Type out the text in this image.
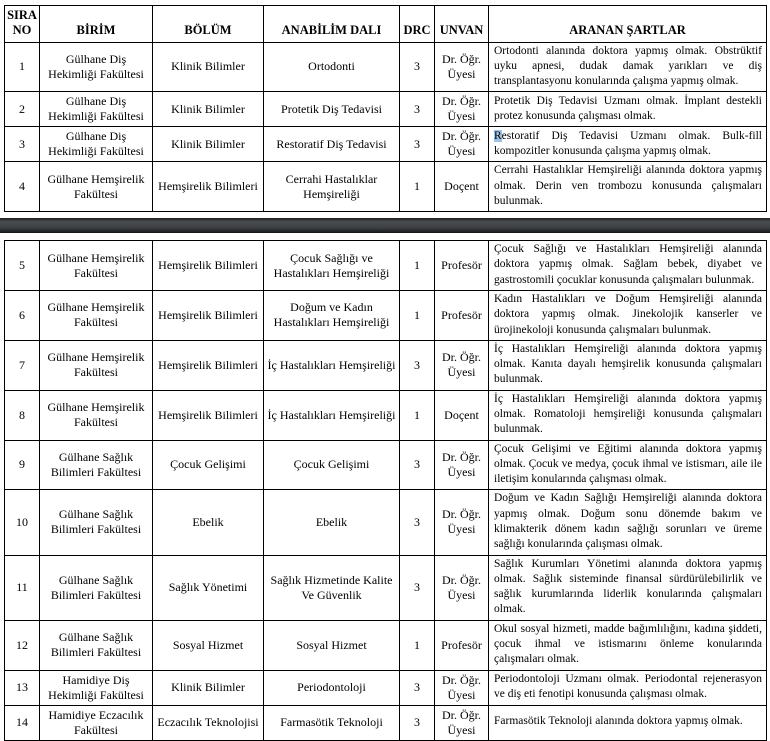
SIRA NO	BİRİM	BÖLÜM	ANABİLİM DALI	DRC	UNVAN	ARANAN ŞARTLAR
1	Gülhane Diş Hekimliği Fakültesi	Klinik Bilimler	Ortodonti	3	Dr. Öğr. Üyesi	Ortodonti alanında doktora yapmış olmak. Obstrüktif uyku apnesi, dudak damak yarıkları ve diş transplantasyonu konularında çalışma yapmış olmak.
2	Gülhane Diş Hekimliği Fakültesi	Klinik Bilimler	Protetik Diş Tedavisi	3	Dr. Öğr. Üyesi	Protetik Diş Tedavisi Uzmanı olmak. İmplant destekli protez konusunda çalışması olmak.
3	Gülhane Diş Hekimliği Fakültesi	Klinik Bilimler	Restoratif Diş Tedavisi	3	Dr. Öğr. Üyesi	Restoratif Diş Tedavisi Uzmanı olmak. Bulk-fill kompozitler konusunda çalışma yapmış olmak.
4	Gülhane Hemşirelik Fakültesi	Hemşirelik Bilimleri	Cerrahi Hastalıklar Hemşireliği	1	Doçent	Cerrahi Hastalıklar Hemşireliği alanında doktora yapmış olmak. Derin ven trombozu konusunda çalışmaları bulunmak.
5	Gülhane Hemşirelik Fakültesi	Hemşirelik Bilimleri	Çocuk Sağlığı ve Hastalıkları Hemşireliği	1	Profesör	Çocuk Sağlığı ve Hastalıkları Hemşireliği alanında doktora yapmış olmak. Sağlam bebek, diyabet ve gastrostomili çocuklar konusunda çalışmaları bulunmak.
6	Gülhane Hemşirelik Fakültesi	Hemşirelik Bilimleri	Doğum ve Kadın Hastalıkları Hemşireliği	1	Profesör	Kadın Hastalıkları ve Doğum Hemşireliği alanında doktora yapmış olmak. Jinekolojik kanserler ve ürojinekoloji konusunda çalışmaları bulunmak.
7	Gülhane Hemşirelik Fakültesi	Hemşirelik Bilimleri	İç Hastalıkları Hemşireliği	3	Dr. Öğr. Üyesi	İç Hastalıkları Hemşireliği alanında doktora yapmış olmak. Kanıta dayalı hemşirelik konusunda çalışmaları bulunmak.
8	Gülhane Hemşirelik Fakültesi	Hemşirelik Bilimleri	İç Hastalıkları Hemşireliği	1	Doçent	İç Hastalıkları Hemşireliği alanında doktora yapmış olmak. Romatoloji hemşireliği konusunda çalışmaları bulunmak.
9	Gülhane Sağlık Bilimleri Fakültesi	Çocuk Gelişimi	Çocuk Gelişimi	3	Dr. Öğr. Üyesi	Çocuk Gelişimi ve Eğitimi alanında doktora yapmış olmak. Çocuk ve medya, çocuk ihmal ve istismarı, aile ile iletişim konularında çalışması olmak.
10	Gülhane Sağlık Bilimleri Fakültesi	Ebelik	Ebelik	3	Dr. Öğr. Üyesi	Doğum ve Kadın Sağlığı Hemşireliği alanında doktora yapmış olmak. Doğum sonu dönemde bakım ve klimakterik dönem kadın sağlığı sorunları ve üreme sağlığı konularında çalışması olmak.
11	Gülhane Sağlık Bilimleri Fakültesi	Sağlık Yönetimi	Sağlık Hizmetinde Kalite Ve Güvenlik	3	Dr. Öğr. Üyesi	Sağlık Kurumları Yönetimi alanında doktora yapmış olmak. Sağlık sisteminde finansal sürdürülebilirlik ve sağlık kurumlarında liderlik konularında çalışmaları olmak.
12	Gülhane Sağlık Bilimleri Fakültesi	Sosyal Hizmet	Sosyal Hizmet	1	Profesör	Okul sosyal hizmeti, madde bağımlılığını, kadına şiddeti, çocuk ihmal ve istismarını önleme konularında çalışmaları olmak.
13	Hamidiye Diş Hekimliği Fakültesi	Klinik Bilimler	Periodontoloji	3	Dr. Öğr. Üyesi	Periodontoloji Uzmanı olmak. Periodontal rejenerasyon ve diş eti fenotipi konusunda çalışması olmak.
14	Hamidiye Eczacılık Fakültesi	Eczacılık Teknolojisi	Farmasötik Teknoloji	3	Dr. Öğr. Üyesi	Farmasötik Teknoloji alanında doktora yapmış olmak.
